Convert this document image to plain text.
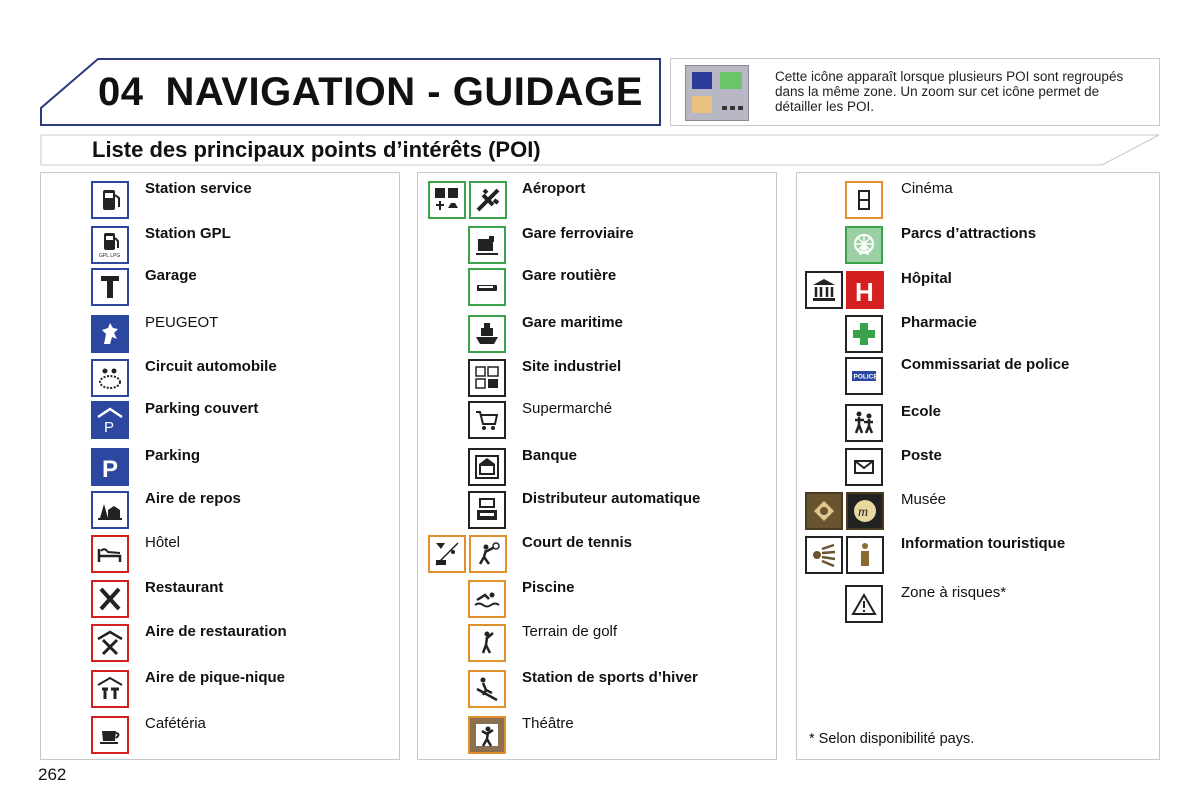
04 NAVIGATION - GUIDAGE	Cette icône apparaît lorsque plusieurs POI sont regroupés dans la même zone. Un zoom sur cet icône permet de détailler les POI.
Liste des principaux points d’intérêts (POI)
Station service
GPL LPG
Station GPL
Garage
PEUGEOT
Circuit automobile
P
Parking couvert
P
Parking
Aire de repos
Hôtel
Restaurant
Aire de restauration
Aire de pique-nique
Cafétéria
Aéroport
Gare ferroviaire
Gare routière
Gare maritime
Site industriel
Supermarché
Banque
Distributeur automatique
Court de tennis
Piscine
Terrain de golf
Station de sports d’hiver
Théâtre
Cinéma
Parcs d’attractions
H Hôpital
Pharmacie
POLICE
Commissariat de police
Ecole
Poste
m
Musée
Information touristique
Zone à risques*
* Selon disponibilité pays.
262
